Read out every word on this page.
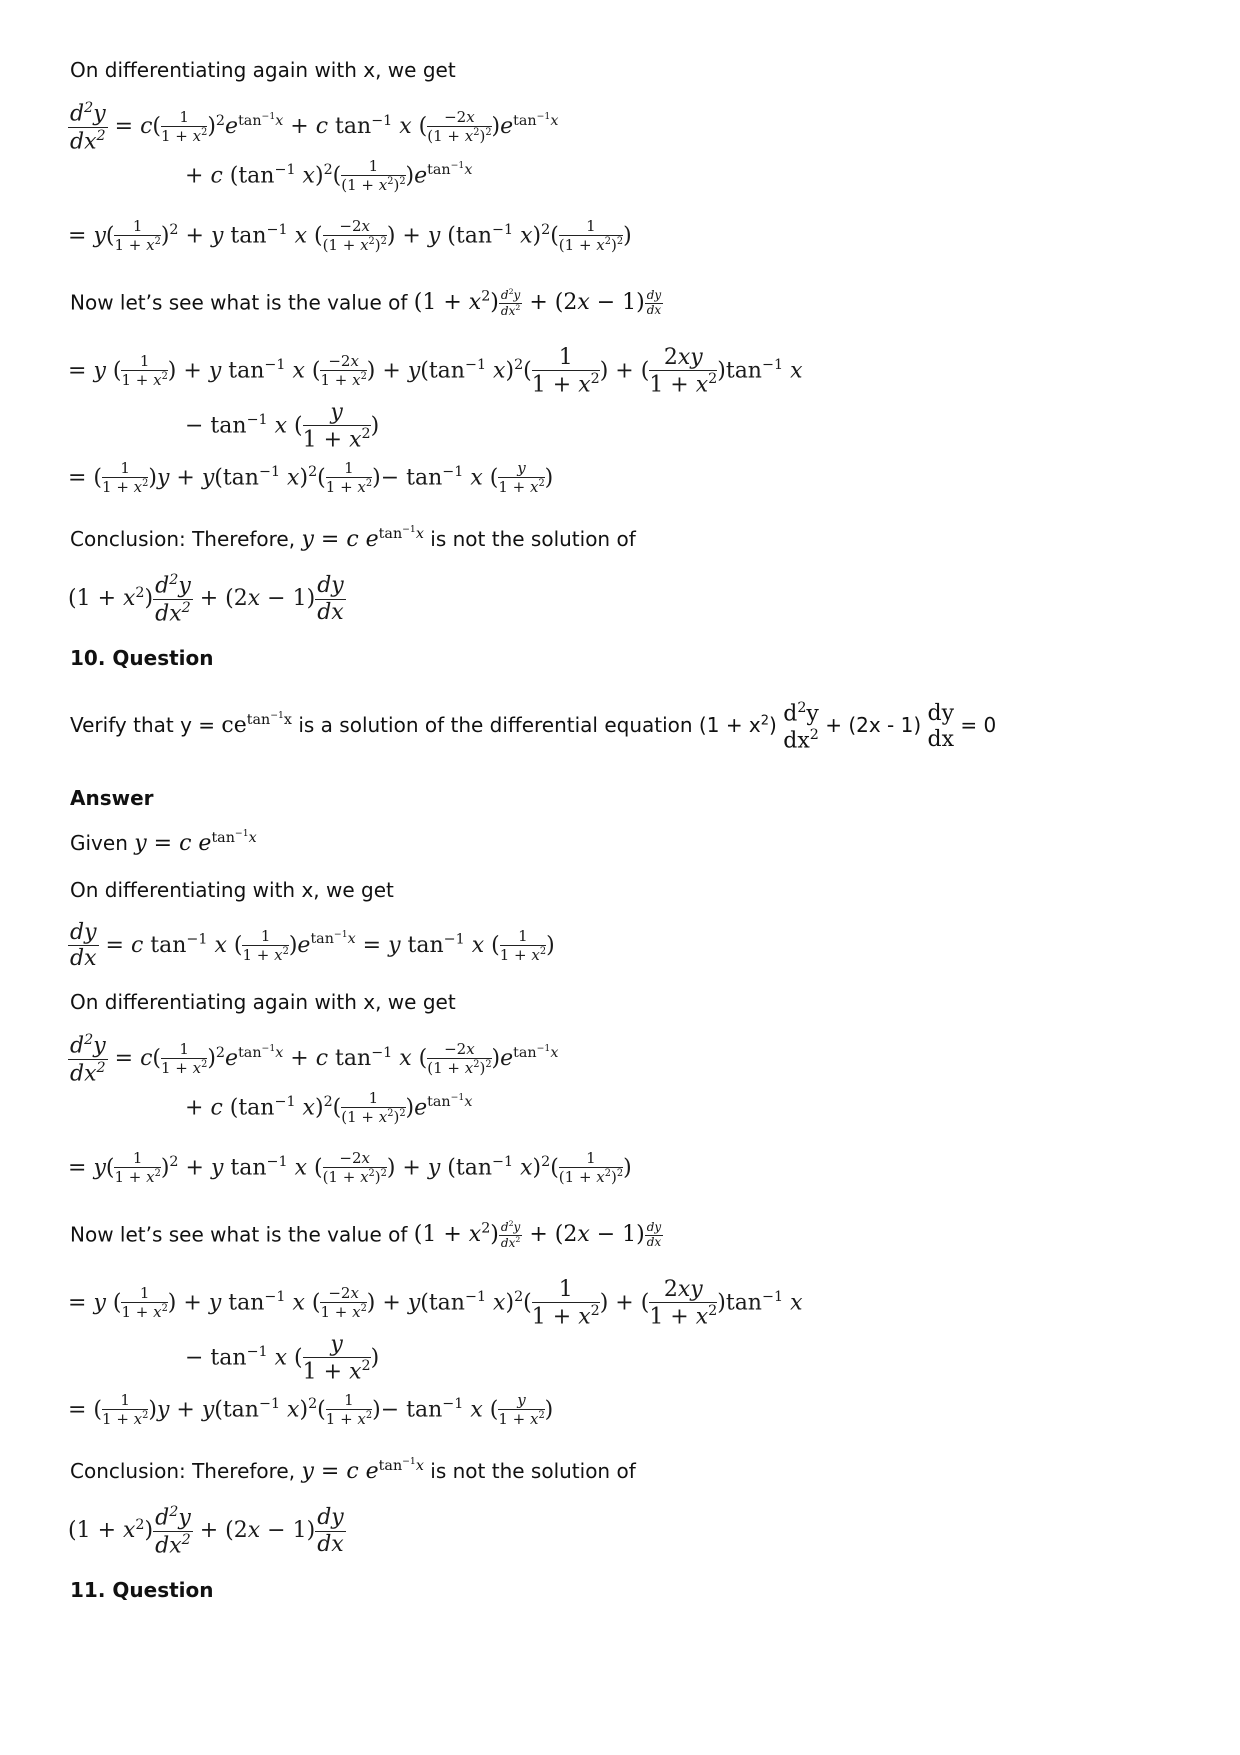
On differentiating again with x, we get
$\frac{d^2y}{dx^2} = c( \frac{1}{1 + x^2} )^2e^{tan^{-1}x} + c$ $\tan^{-1} x$ ( $\frac{-2x}{(1 + x^2)^2} )e^{tan^{-1}x}$
+ c ($\tan^{-1}$ $x)^2( \frac{1}{(1 + x^2)^2} )e^{tan^{-1}x}$
= $y( \frac{1}{1 + x^2} )^2 + y$ $\tan^{-1} x$ ( $\frac{-2x}{(1 + x^2)^2}$ ) + y ($\tan^{-1}$ $x)^2( \frac{1}{(1 + x^2)^2}$ )
Now let’s see what is the value of $(1 + x^2) \frac{d^2y}{dx^2} + (2x - 1) \frac{dy}{dx}$
= y ( $\frac{1}{1 + x^2}$ ) + y $\tan^{-1} x$ ( $\frac{-2x}{1 + x^2}$ ) + $y(\tan^{-1}$ $x)^2( \frac{1}{1 + x^2}$ ) + ( $\frac{2xy}{1 + x^2} )\tan^{-1}$ x
− $\tan^{-1} x$ ( $\frac{y}{1 + x^2}$ )
= ( $\frac{1}{1 + x^2} )y + y(\tan^{-1}$ $x)^2( \frac{1}{1 + x^2}$ )− $\tan^{-1} x$ ( $\frac{y}{1 + x^2}$ )
Conclusion: Therefore, y = c $e^{tan^{-1}x}$ is not the solution of
$(1 + x^2) \frac{d^2y}{dx^2} + (2x - 1) \frac{dy}{dx}$
10. Question
Verify that $y = ce^{tan^{-1}x}$ is a solution of the differential equation $(1 + x^2)$ $d^2y$
$dx^2 + (2x - 1)$ dy
dx
= 0
Answer
Given y = c $e^{tan^{-1}x}$
On differentiating with x, we get
$\frac{dy}{dx} = c$ $\tan^{-1} x$ ( $\frac{1}{1 + x^2} )e^{tan^{-1}x} = y$ $\tan^{-1} x$ ( $\frac{1}{1 + x^2}$ )
On differentiating again with x, we get
$\frac{d^2y}{dx^2} = c( \frac{1}{1 + x^2} )^2e^{tan^{-1}x} + c$ $\tan^{-1} x$ ( $\frac{-2x}{(1 + x^2)^2} )e^{tan^{-1}x}$
+ c ($\tan^{-1}$ $x)^2( \frac{1}{(1 + x^2)^2} )e^{tan^{-1}x}$
= $y( \frac{1}{1 + x^2} )^2 + y$ $\tan^{-1} x$ ( $\frac{-2x}{(1 + x^2)^2}$ ) + y ($\tan^{-1}$ $x)^2( \frac{1}{(1 + x^2)^2}$ )
Now let’s see what is the value of $(1 + x^2) \frac{d^2y}{dx^2} + (2x - 1) \frac{dy}{dx}$
= y ( $\frac{1}{1 + x^2}$ ) + y $\tan^{-1} x$ ( $\frac{-2x}{1 + x^2}$ ) + $y(\tan^{-1}$ $x)^2( \frac{1}{1 + x^2}$ ) + ( $\frac{2xy}{1 + x^2} )\tan^{-1}$ x
− $\tan^{-1} x$ ( $\frac{y}{1 + x^2}$ )
= ( $\frac{1}{1 + x^2} )y + y(\tan^{-1}$ $x)^2( \frac{1}{1 + x^2}$ )− $\tan^{-1} x$ ( $\frac{y}{1 + x^2}$ )
Conclusion: Therefore, y = c $e^{tan^{-1}x}$ is not the solution of
$(1 + x^2) \frac{d^2y}{dx^2} + (2x - 1) \frac{dy}{dx}$
11. Question
